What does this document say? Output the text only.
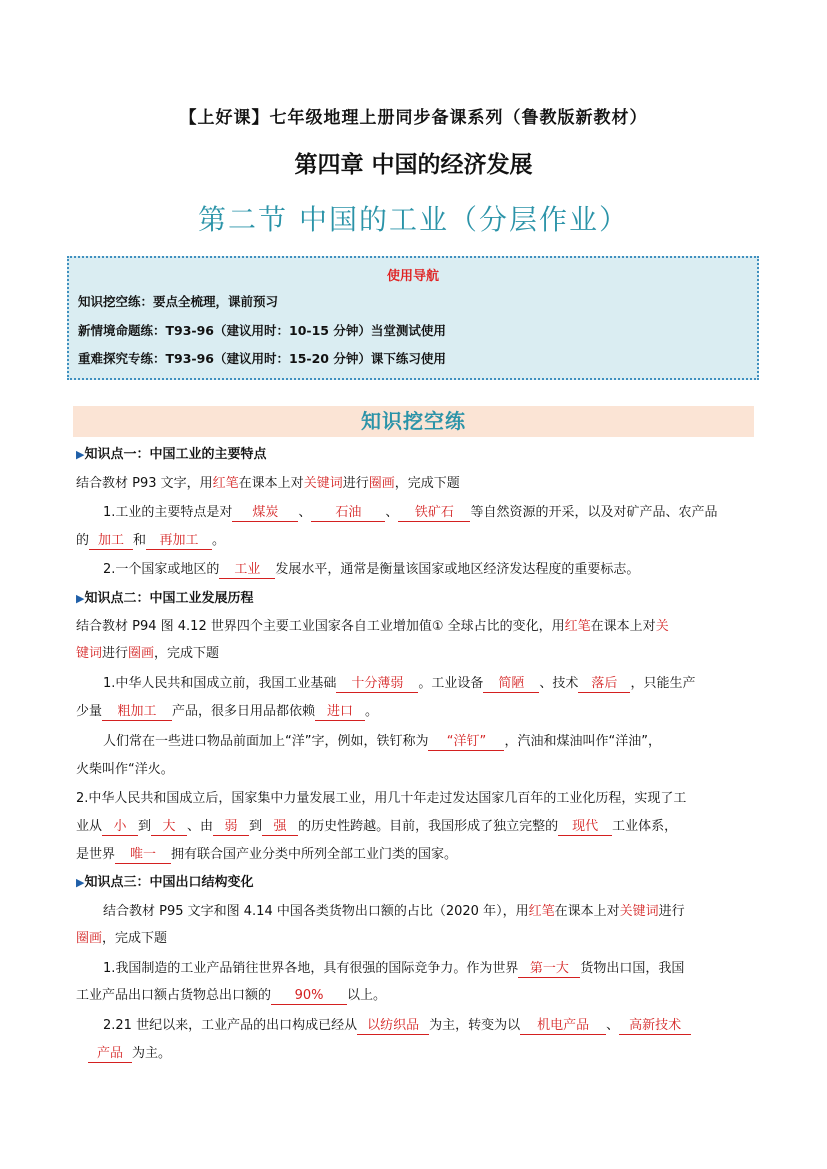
【上好课】七年级地理上册同步备课系列（鲁教版新教材）
第四章 中国的经济发展
第二节 中国的工业（分层作业）
使用导航
知识挖空练：要点全梳理，课前预习
新情境命题练：T93-96（建议用时：10-15 分钟）当堂测试使用
重难探究专练：T93-96（建议用时：15-20 分钟）课下练习使用
知识挖空练
▶知识点一：中国工业的主要特点
结合教材 P93 文字，用红笔在课本上对关键词进行圈画，完成下题
1.工业的主要特点是对 煤炭 、 石油 、 铁矿石 等自然资源的开采，以及对矿产品、农产品
的 加工 和 再加工 。
2.一个国家或地区的 工业 发展水平，通常是衡量该国家或地区经济发达程度的重要标志。
▶知识点二：中国工业发展历程
结合教材 P94 图 4.12 世界四个主要工业国家各自工业增加值① 全球占比的变化，用红笔在课本上对关
键词进行圈画，完成下题
1.中华人民共和国成立前，我国工业基础 十分薄弱 。工业设备 简陋 、技术 落后 ，只能生产
少量 粗加工 产品，很多日用品都依赖 进口 。
人们常在一些进口物品前面加上“洋”字，例如，铁钉称为 “洋钉” ，汽油和煤油叫作“洋油”，
火柴叫作“洋火。
2.中华人民共和国成立后，国家集中力量发展工业，用几十年走过发达国家几百年的工业化历程，实现了工
业从 小 到 大 、由 弱 到 强 的历史性跨越。目前，我国形成了独立完整的 现代 工业体系，
是世界 唯一 拥有联合国产业分类中所列全部工业门类的国家。
▶知识点三：中国出口结构变化
结合教材 P95 文字和图 4.14 中国各类货物出口额的占比（2020 年），用红笔在课本上对关键词进行
圈画，完成下题
1.我国制造的工业产品销往世界各地，具有很强的国际竞争力。作为世界 第一大 货物出口国，我国
工业产品出口额占货物总出口额的 90% 以上。
2.21 世纪以来，工业产品的出口构成已经从 以纺织品 为主，转变为以 机电产品 、 高新技术
产品 为主。
